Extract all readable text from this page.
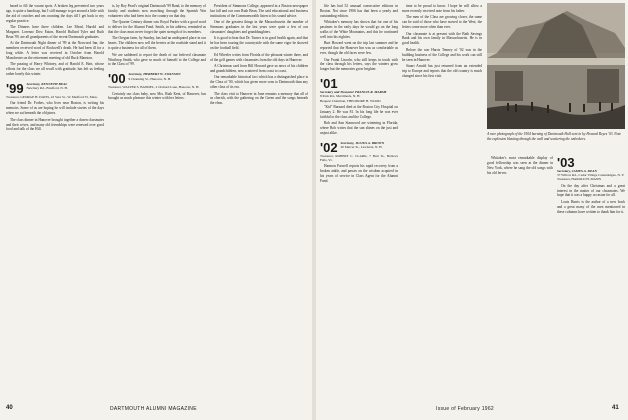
based to fill the vacant spots. A broken leg prevented two years ago, is quite a handicap, but I still manage to get around a little with the aid of crutches and am counting the days till I get back to my regular practice.

The Dinners have three children. Lee Mead, Harold and Margaret. Lorenzo Dow Eaton, Harold Bullard Tyler and Ruth Bean '99, are all grandparents of the recent Dartmouth graduates.

At the Dartmouth Night dinner of '99 at the Norwood Inn, the members received word of Rockwell's death. He had been ill for a long while. A letter was received in October from Harold Manchester on the retirement meeting of old Buck Mansion.

The passing of Harry Whitney, and of Harold E. Hart, whose efforts for the class we all recall with gratitude, has left us feeling rather lonely this winter.

'99 Secretary, KENNETH BEAL
Newbury Rd., Bradford, N. H.
Treasurer, GEORGE H. DAVIS, 22 Vera St., W. Medford 55, Mass.

Our friend Dr. Forbes, who lives near Boston, is writing his memoirs. Some of us are hoping he will include stories of the days when we sat beneath the old pines.

The class dinner in Hanover brought together a dozen classmates and their wives, and many old friendships were renewed over good food and talk of the Hill.

is, by Roy Pearl's original Dartmouth '99 Band, to the memory of faculty and students now marching through the Spanish War volunteers who had been in to the country on that day.

The Quarter Century dinner saw Royal Parker with a good word to deliver for the Alumni Fund. Smith, in his address, reminded us that the class must never forget the quiet strength of its members.

The Oregon farm, by Sunday, has had an undisputed place in our hearts. The children now sell the berries at the roadside stand and it is quite a business for all of them.

We are saddened to report the death of our beloved classmate Winthrop Smith, who gave so much of himself to the College and to the Class of '99.

'00 Secretary, HERBERT W. SWANSON
9 Channing St., Hanover, N. H.
Treasurer, WALTER S. BANDEL, 2 Orchard Lane, Hanover, N. H.

Certainly our class baby, now Mrs. Ruth Kent, of Hanover, has brought us much pleasure this winter with her letters.

President of Simmons College, appeared in a Boston newspaper last fall and our own Ruth Bean, The said educational and business institutions of the Commonwealth listen to his sound advice.

One of the greatest things in the Massachusetts the number of Simmons graduates in the last years were quite a few of our classmates' daughters and granddaughters.

It is good to hear that Dr. Turner is in good health again, and that he has been touring the countryside with the same vigor he showed on the football field.

Ed Wheeler writes from Florida of the pleasant winter there, and of the golf games with classmates from the old days in Hanover.

A Christmas card from Bill Howard gave us news of his children and grandchildren, now scattered from coast to coast.

Our remarkable historical fact which has a distinguished place is the Class of '00, which has given more sons to Dartmouth than any other class of its era.

The class visit to Hanover in June remains a memory that all of us cherish, with the gathering on the Green and the songs beneath the elms.

40	DARTMOUTH ALUMNI MAGAZINE

life has had 52 unusual consecutive editions in Boston. Not since 1906 has that been a yearly and outstanding edition.

Whitaker's memory has shown that for one of his pastimes in the early days he would go on the long walks of the White Mountains, and this he continued well into his eighties.

Burt Howard went on the trip last summer and he reported that the Hanover Inn was as comfortable as ever, though the old faces were few.

Our Frank Lincoln, who still keeps in touch with the class through his letters, says the winters grow longer but the memories grow brighter.

'01 Secretary and Treasurer FRANCIS R. MARSH
8 Park Rd., Merrimack, N. H.
Bequest Chairman, THEODORE H. WOOD

"Kid" Barnard died at the Boston City Hospital on January 2. He was 81. In his long life he was ever faithful to the class and the College.

Bob and Ann Stanwood are wintering in Florida, where Bob writes that the sun shines on the just and unjust alike.

'02 Secretary, JULIUS A. BROWN
20 Mercer St., Lewiston, N. H.
Treasurer, ROBERT C. CLARK, 7 Burt St., Bellows Falls, Vt.

Harmon Farwell reports his rapid recovery from a broken ankle, and passes on the wisdom acquired in his years of service in Class Agent for the Alumni Fund.

time to be proud to know. I hope he will allow a more recently received note from his father.

The men of the Class are growing closer, the same can be said of those who have moved to the West; the letters come more often than ever.

Our classmate is at present with the Bath Savings Bank and his own family in Massachusetts. He is in good health.

Before the war Harris Tenney of '02 was in the building business of the College and his work can still be seen in Hanover.

Stuart Arnold has just returned from an extended trip to Europe and reports that the old country is much changed since his first visit.

A rare photograph of the 1904 burning of Dartmouth Hall sent in by Howard Reyes '03. Note the explosion blasting through the wall and scattering the onlookers.

Whitaker's most remarkable display of good fellowship was seen at the dinner in New York, where he sang the old songs with his old fervor.

'03 Secretary, JAMES A. DEAN
37 Willow Rd., Cedar Village Canandaigua, N. Y.
Treasurer, HAROLD H. MANN

On the day after Christmas and a great interest in the matter of our classmates. We hope that it was a happy occasion for all.

Louis Harris is the author of a new book and a great many of the men mentioned in these columns have written to thank him for it.

Issue of February 1962	41
